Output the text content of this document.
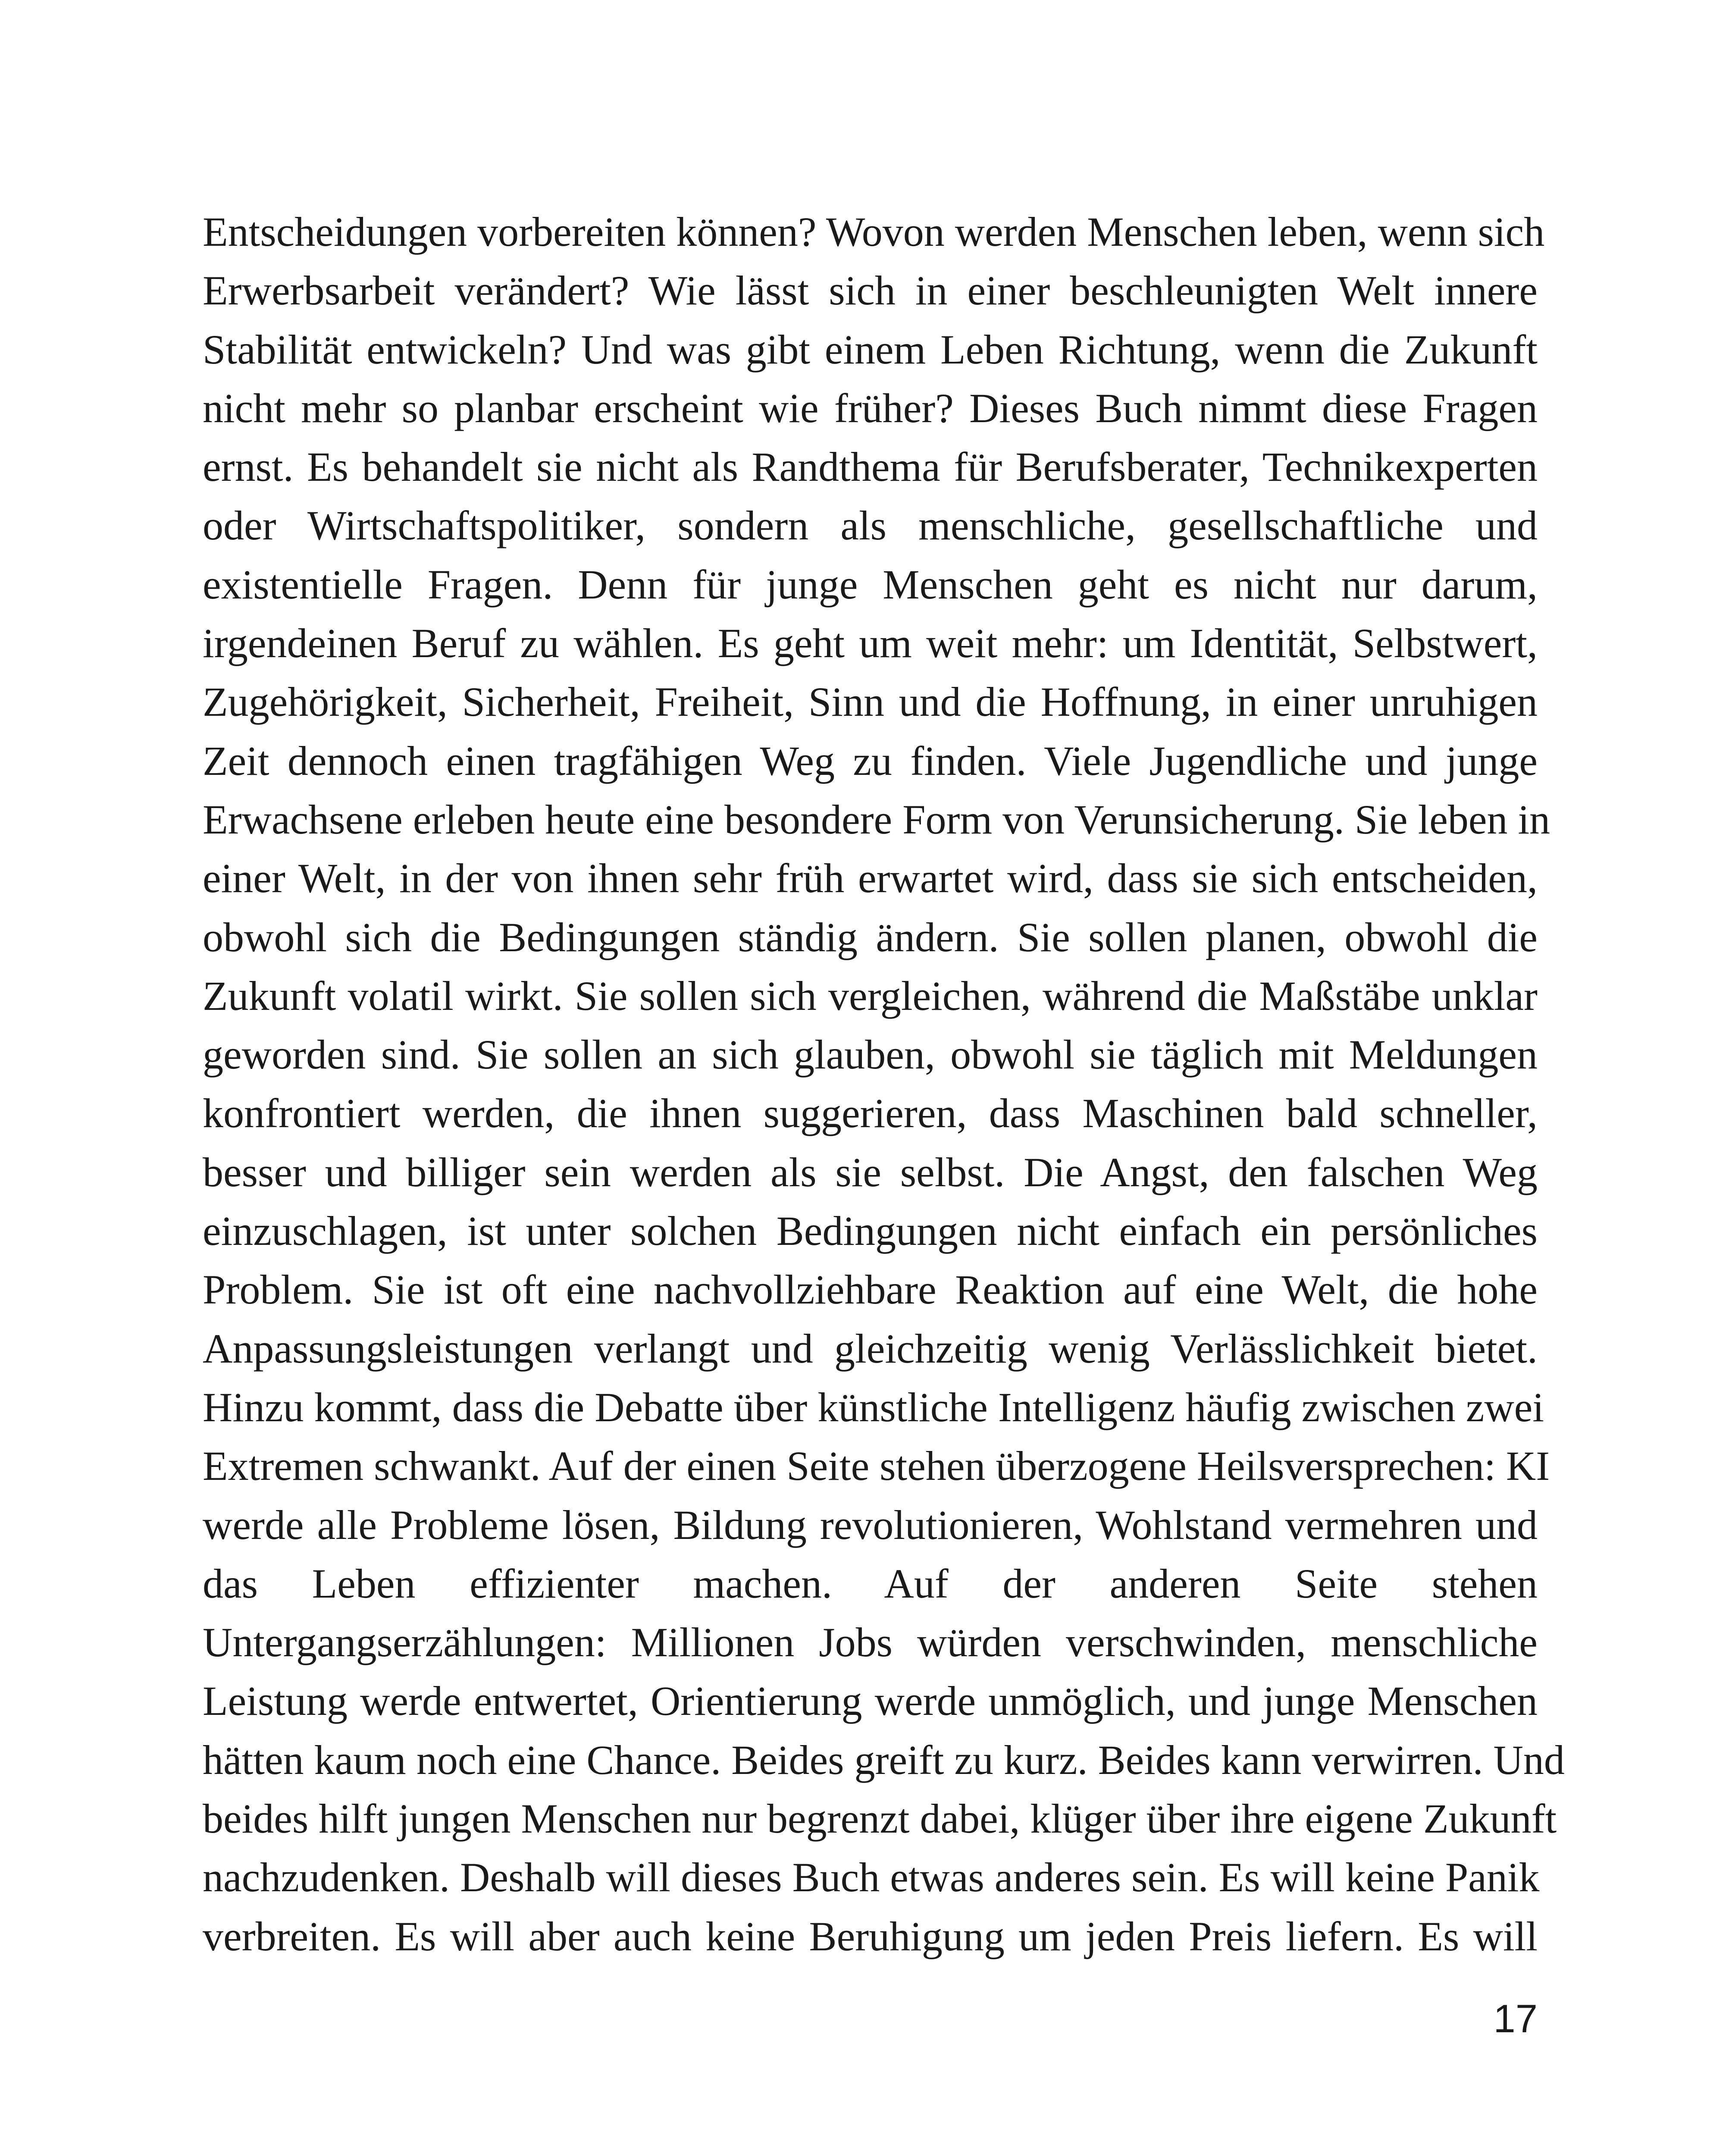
Entscheidungen vorbereiten können? Wovon werden Menschen leben, wenn sich
Erwerbsarbeit verändert? Wie lässt sich in einer beschleunigten Welt innere
Stabilität entwickeln? Und was gibt einem Leben Richtung, wenn die Zukunft
nicht mehr so planbar erscheint wie früher? Dieses Buch nimmt diese Fragen
ernst. Es behandelt sie nicht als Randthema für Berufsberater, Technikexperten
oder Wirtschaftspolitiker, sondern als menschliche, gesellschaftliche und
existentielle Fragen. Denn für junge Menschen geht es nicht nur darum,
irgendeinen Beruf zu wählen. Es geht um weit mehr: um Identität, Selbstwert,
Zugehörigkeit, Sicherheit, Freiheit, Sinn und die Hoffnung, in einer unruhigen
Zeit dennoch einen tragfähigen Weg zu finden. Viele Jugendliche und junge
Erwachsene erleben heute eine besondere Form von Verunsicherung. Sie leben in
einer Welt, in der von ihnen sehr früh erwartet wird, dass sie sich entscheiden,
obwohl sich die Bedingungen ständig ändern. Sie sollen planen, obwohl die
Zukunft volatil wirkt. Sie sollen sich vergleichen, während die Maßstäbe unklar
geworden sind. Sie sollen an sich glauben, obwohl sie täglich mit Meldungen
konfrontiert werden, die ihnen suggerieren, dass Maschinen bald schneller,
besser und billiger sein werden als sie selbst. Die Angst, den falschen Weg
einzuschlagen, ist unter solchen Bedingungen nicht einfach ein persönliches
Problem. Sie ist oft eine nachvollziehbare Reaktion auf eine Welt, die hohe
Anpassungsleistungen verlangt und gleichzeitig wenig Verlässlichkeit bietet.
Hinzu kommt, dass die Debatte über künstliche Intelligenz häufig zwischen zwei
Extremen schwankt. Auf der einen Seite stehen überzogene Heilsversprechen: KI
werde alle Probleme lösen, Bildung revolutionieren, Wohlstand vermehren und
das Leben effizienter machen. Auf der anderen Seite stehen
Untergangserzählungen: Millionen Jobs würden verschwinden, menschliche
Leistung werde entwertet, Orientierung werde unmöglich, und junge Menschen
hätten kaum noch eine Chance. Beides greift zu kurz. Beides kann verwirren. Und
beides hilft jungen Menschen nur begrenzt dabei, klüger über ihre eigene Zukunft
nachzudenken. Deshalb will dieses Buch etwas anderes sein. Es will keine Panik
verbreiten. Es will aber auch keine Beruhigung um jeden Preis liefern. Es will
17
